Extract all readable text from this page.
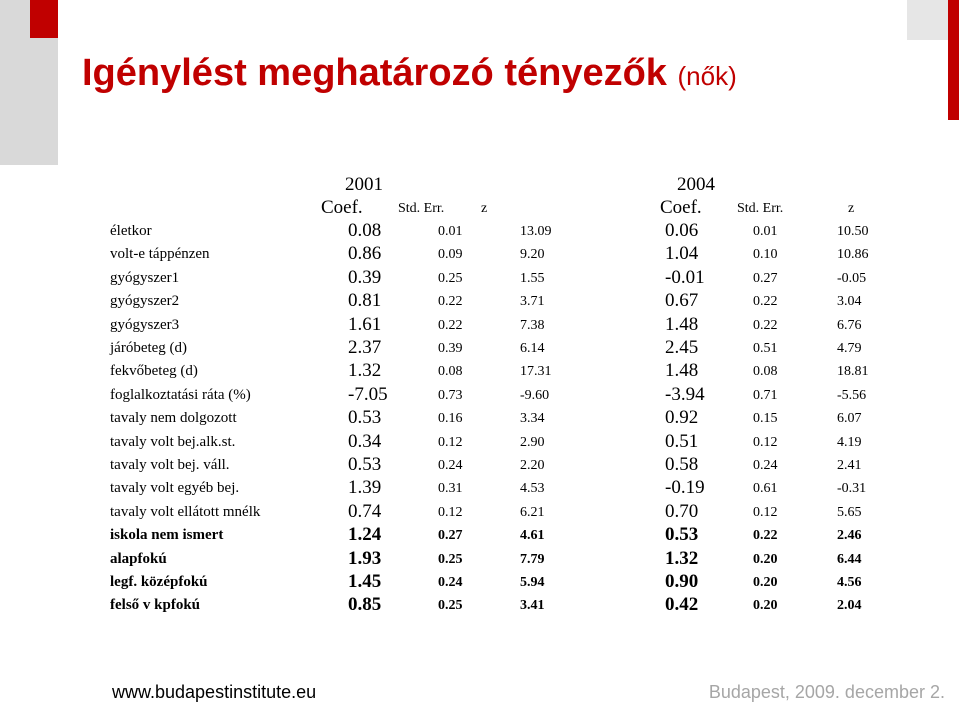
Igénylést meghatározó tényezők (nők)
2001	2004
Coef.	Std. Err.	z	Coef.	Std. Err.	z
életkor	0.08	0.01	13.09	0.06	0.01	10.50
volt-e táppénzen	0.86	0.09	9.20	1.04	0.10	10.86
gyógyszer1	0.39	0.25	1.55	-0.01	0.27	-0.05
gyógyszer2	0.81	0.22	3.71	0.67	0.22	3.04
gyógyszer3	1.61	0.22	7.38	1.48	0.22	6.76
járóbeteg (d)	2.37	0.39	6.14	2.45	0.51	4.79
fekvőbeteg (d)	1.32	0.08	17.31	1.48	0.08	18.81
foglalkoztatási ráta (%)	-7.05	0.73	-9.60	-3.94	0.71	-5.56
tavaly nem dolgozott	0.53	0.16	3.34	0.92	0.15	6.07
tavaly volt bej.alk.st.	0.34	0.12	2.90	0.51	0.12	4.19
tavaly volt bej. váll.	0.53	0.24	2.20	0.58	0.24	2.41
tavaly volt egyéb bej.	1.39	0.31	4.53	-0.19	0.61	-0.31
tavaly volt ellátott mnélk	0.74	0.12	6.21	0.70	0.12	5.65
iskola nem ismert	1.24	0.27	4.61	0.53	0.22	2.46
alapfokú	1.93	0.25	7.79	1.32	0.20	6.44
legf. középfokú	1.45	0.24	5.94	0.90	0.20	4.56
felső v kpfokú	0.85	0.25	3.41	0.42	0.20	2.04
www.budapestinstitute.eu	Budapest, 2009. december 2.
